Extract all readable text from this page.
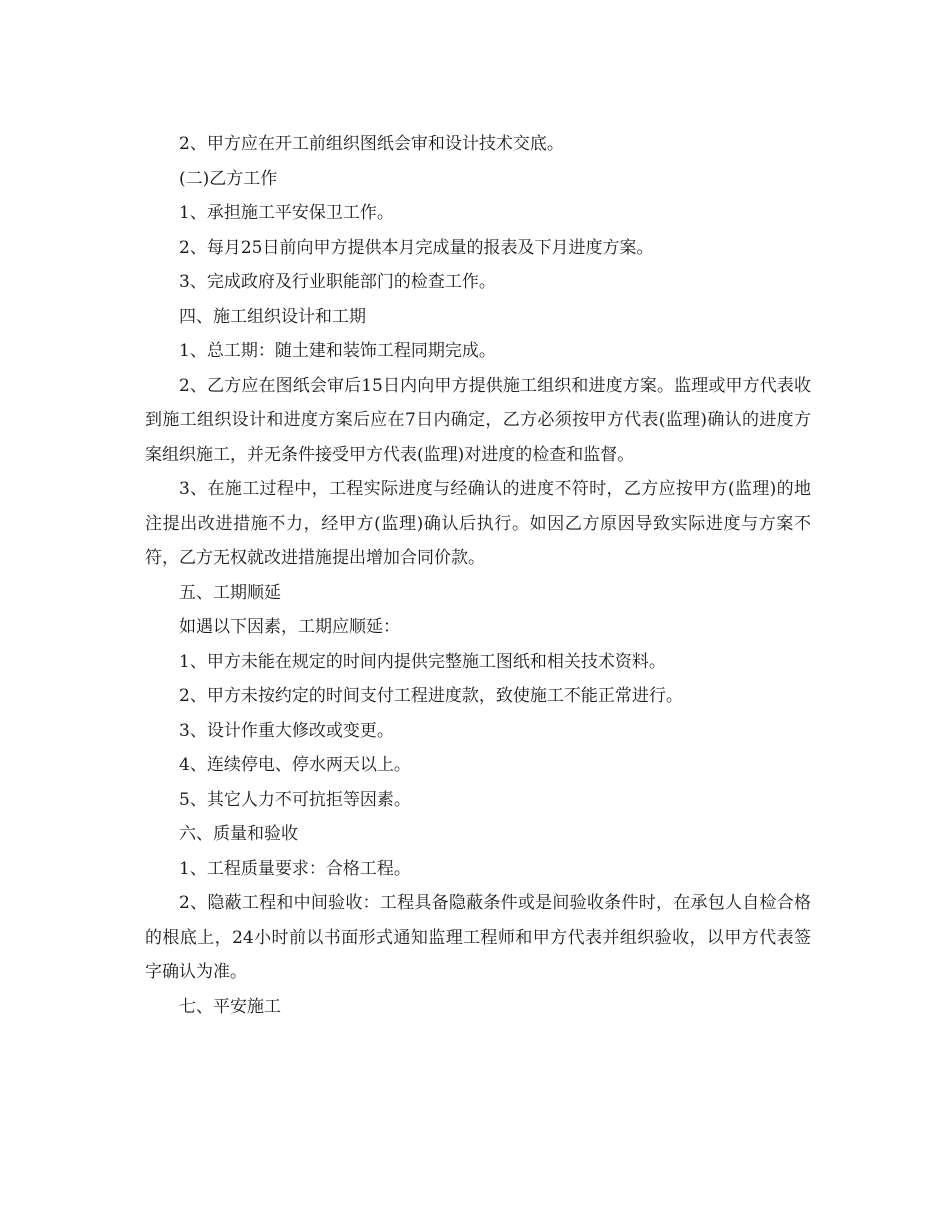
2、甲方应在开工前组织图纸会审和设计技术交底。

(二)乙方工作

1、承担施工平安保卫工作。

2、每月25日前向甲方提供本月完成量的报表及下月进度方案。

3、完成政府及行业职能部门的检查工作。

四、施工组织设计和工期

1、总工期：随土建和装饰工程同期完成。

2、乙方应在图纸会审后15日内向甲方提供施工组织和进度方案。监理或甲方代表收到施工组织设计和进度方案后应在7日内确定，乙方必须按甲方代表(监理)确认的进度方案组织施工，并无条件接受甲方代表(监理)对进度的检查和监督。

3、在施工过程中，工程实际进度与经确认的进度不符时，乙方应按甲方(监理)的地注提出改进措施不力，经甲方(监理)确认后执行。如因乙方原因导致实际进度与方案不符，乙方无权就改进措施提出增加合同价款。

五、工期顺延

如遇以下因素，工期应顺延：

1、甲方未能在规定的时间内提供完整施工图纸和相关技术资料。

2、甲方未按约定的时间支付工程进度款，致使施工不能正常进行。

3、设计作重大修改或变更。

4、连续停电、停水两天以上。

5、其它人力不可抗拒等因素。

六、质量和验收

1、工程质量要求：合格工程。

2、隐蔽工程和中间验收：工程具备隐蔽条件或是间验收条件时，在承包人自检合格的根底上，24小时前以书面形式通知监理工程师和甲方代表并组织验收，以甲方代表签字确认为准。

七、平安施工
